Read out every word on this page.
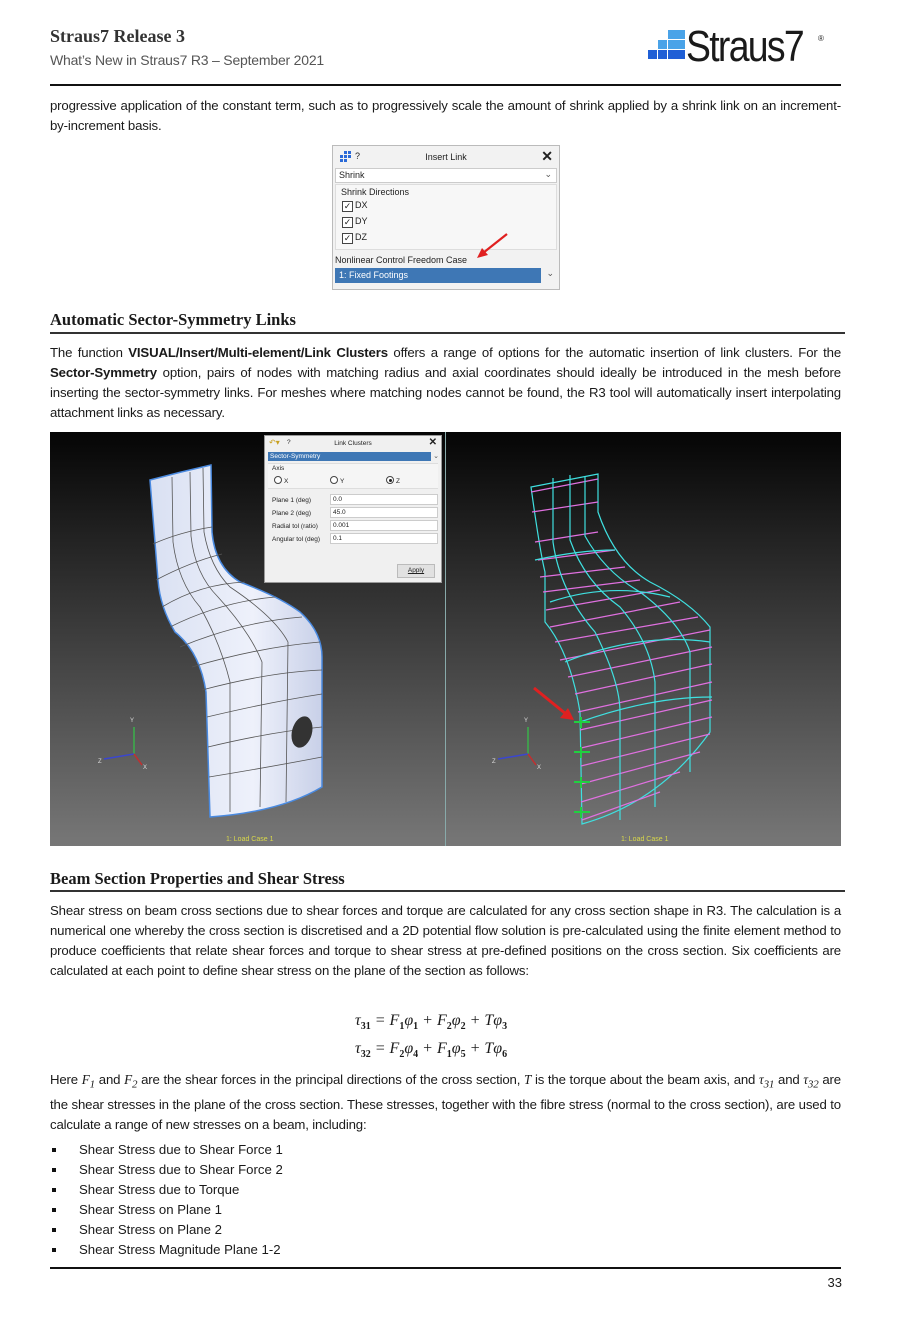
Straus7 Release 3
What’s New in Straus7 R3 – September 2021	Straus7 ®
progressive application of the constant term, such as to progressively scale the amount of shrink applied by a shrink link on an increment-by-increment basis.
?	Insert Link	✕
Shrink	⌄
Shrink Directions
✓ DX
✓ DY
✓ DZ
Nonlinear Control Freedom Case
1: Fixed Footings	⌄
Automatic Sector-Symmetry Links
The function VISUAL/Insert/Multi-element/Link Clusters offers a range of options for the automatic insertion of link clusters. For the Sector-Symmetry option, pairs of nodes with matching radius and axial coordinates should ideally be introduced in the mesh before inserting the sector-symmetry links. For meshes where matching nodes cannot be found, the R3 tool will automatically insert interpolating attachment links as necessary.
Y
Z
X
Y
Z
X
1: Load Case 1	1: Load Case 1
↶▾ ?	Link Clusters	✕
Sector-Symmetry	⌄
Axis
X	Y	Z
Plane 1 (deg)	0.0
Plane 2 (deg)	45.0
Radial tol (ratio)	0.001
Angular tol (deg)	0.1
Apply
Beam Section Properties and Shear Stress
Shear stress on beam cross sections due to shear forces and torque are calculated for any cross section shape in R3. The calculation is a numerical one whereby the cross section is discretised and a 2D potential flow solution is pre-calculated using the finite element method to produce coefficients that relate shear forces and torque to shear stress at pre-defined positions on the cross section. Six coefficients are calculated at each point to define shear stress on the plane of the section as follows:
$\tau_{31} = F_1\varphi_1 + F_2\varphi_2 + T\varphi_3$
$\tau_{32} = F_2\varphi_4 + F_1\varphi_5 + T\varphi_6$
Here $F_1$ and $F_2$ are the shear forces in the principal directions of the cross section, T is the torque about the beam axis, and $\tau_{31}$ and $\tau_{32}$ are the shear stresses in the plane of the cross section. These stresses, together with the fibre stress (normal to the cross section), are used to calculate a range of new stresses on a beam, including:
Shear Stress due to Shear Force 1
Shear Stress due to Shear Force 2
Shear Stress due to Torque
Shear Stress on Plane 1
Shear Stress on Plane 2
Shear Stress Magnitude Plane 1-2
33
